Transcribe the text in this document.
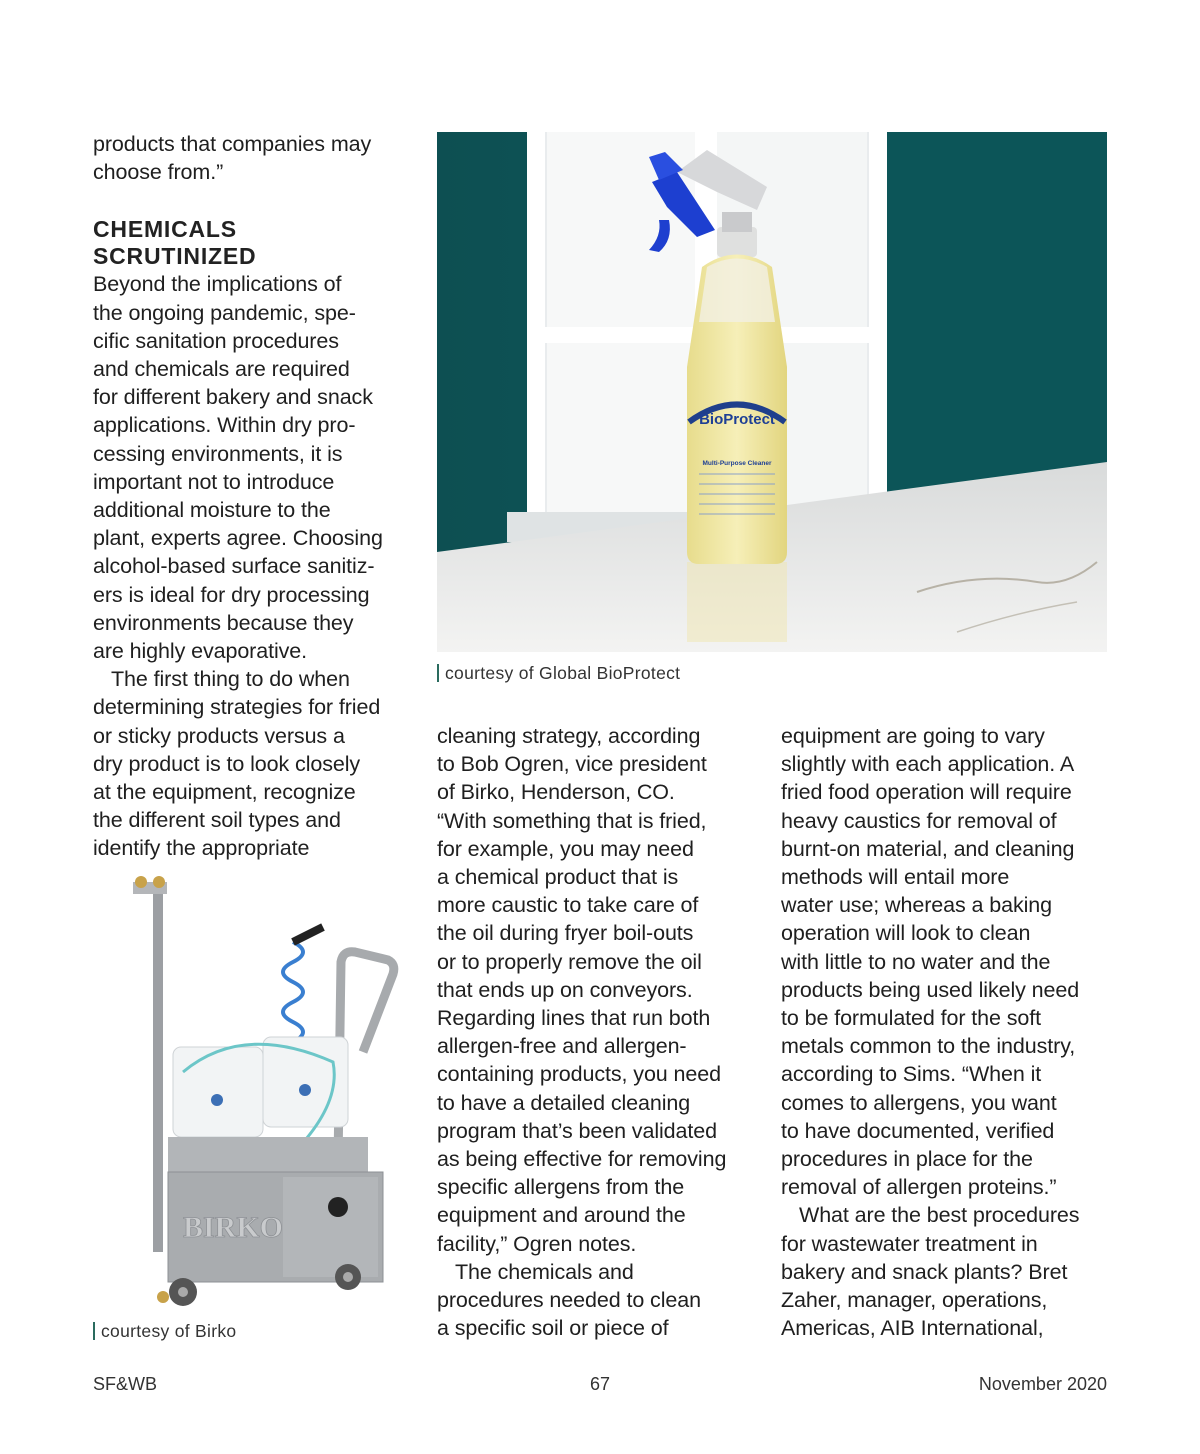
products that companies may
choose from.”

CHEMICALS
SCRUTINIZED

Beyond the implications of
the ongoing pandemic, spe-
cific sanitation procedures
and chemicals are required
for different bakery and snack
applications. Within dry pro-
cessing environments, it is
important not to introduce
additional moisture to the
plant, experts agree. Choosing
alcohol-based surface sanitiz-
ers is ideal for dry processing
environments because they
are highly evaporative.

The first thing to do when
determining strategies for fried
or sticky products versus a
dry product is to look closely
at the equipment, recognize
the different soil types and
identify the appropriate

BioProtect
Multi-Purpose Cleaner
courtesy of Global BioProtect
BIRKO
courtesy of Birko

cleaning strategy, according
to Bob Ogren, vice president
of Birko, Henderson, CO.
“With something that is fried,
for example, you may need
a chemical product that is
more caustic to take care of
the oil during fryer boil-outs
or to properly remove the oil
that ends up on conveyors.
Regarding lines that run both
allergen-free and allergen-
containing products, you need
to have a detailed cleaning
program that’s been validated
as being effective for removing
specific allergens from the
equipment and around the
facility,” Ogren notes.

The chemicals and
procedures needed to clean
a specific soil or piece of

equipment are going to vary
slightly with each application. A
fried food operation will require
heavy caustics for removal of
burnt-on material, and cleaning
methods will entail more
water use; whereas a baking
operation will look to clean
with little to no water and the
products being used likely need
to be formulated for the soft
metals common to the industry,
according to Sims. “When it
comes to allergens, you want
to have documented, verified
procedures in place for the
removal of allergen proteins.”

What are the best procedures
for wastewater treatment in
bakery and snack plants? Bret
Zaher, manager, operations,
Americas, AIB International,

SF&WB	67	November 2020
